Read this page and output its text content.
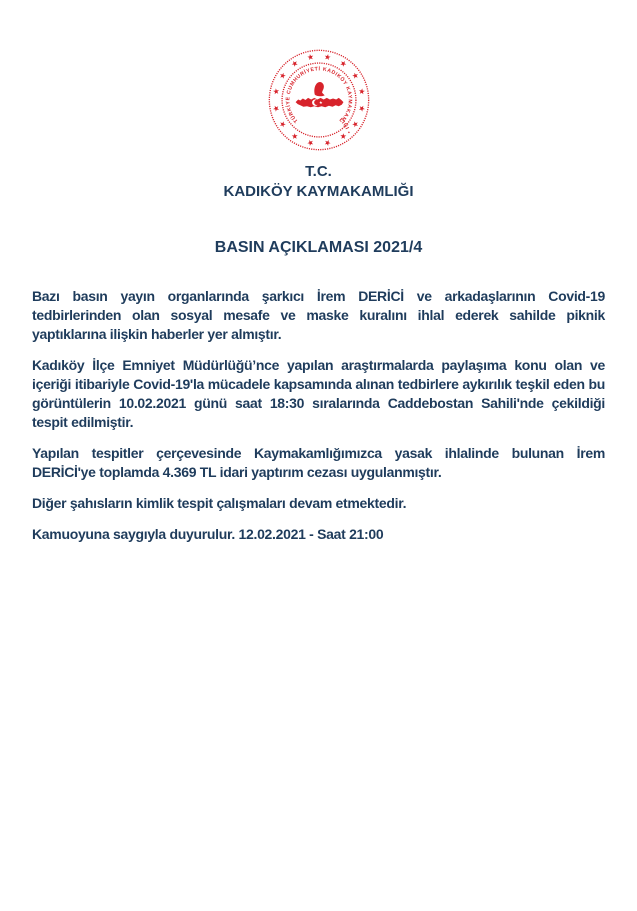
TÜRKİYE CUMHURİYETİ KADIKÖY KAYMAKAMLIĞI •
T.C.
KADIKÖY KAYMAKAMLIĞI
BASIN AÇIKLAMASI 2021/4

Bazı basın yayın organlarında şarkıcı İrem DERİCİ ve arkadaşlarının Covid-19 tedbirlerinden olan sosyal mesafe ve maske kuralını ihlal ederek sahilde piknik yaptıklarına ilişkin haberler yer almıştır.

Kadıköy İlçe Emniyet Müdürlüğü’nce yapılan araştırmalarda paylaşıma konu olan ve içeriği itibariyle Covid-19'la mücadele kapsamında alınan tedbirlere aykırılık teşkil eden bu görüntülerin 10.02.2021 günü saat 18:30 sıralarında Caddebostan Sahili'nde çekildiği tespit edilmiştir.

Yapılan tespitler çerçevesinde Kaymakamlığımızca yasak ihlalinde bulunan İrem DERİCİ'ye toplamda 4.369 TL idari yaptırım cezası uygulanmıştır.

Diğer şahısların kimlik tespit çalışmaları devam etmektedir.

Kamuoyuna saygıyla duyurulur. 12.02.2021 - Saat 21:00
